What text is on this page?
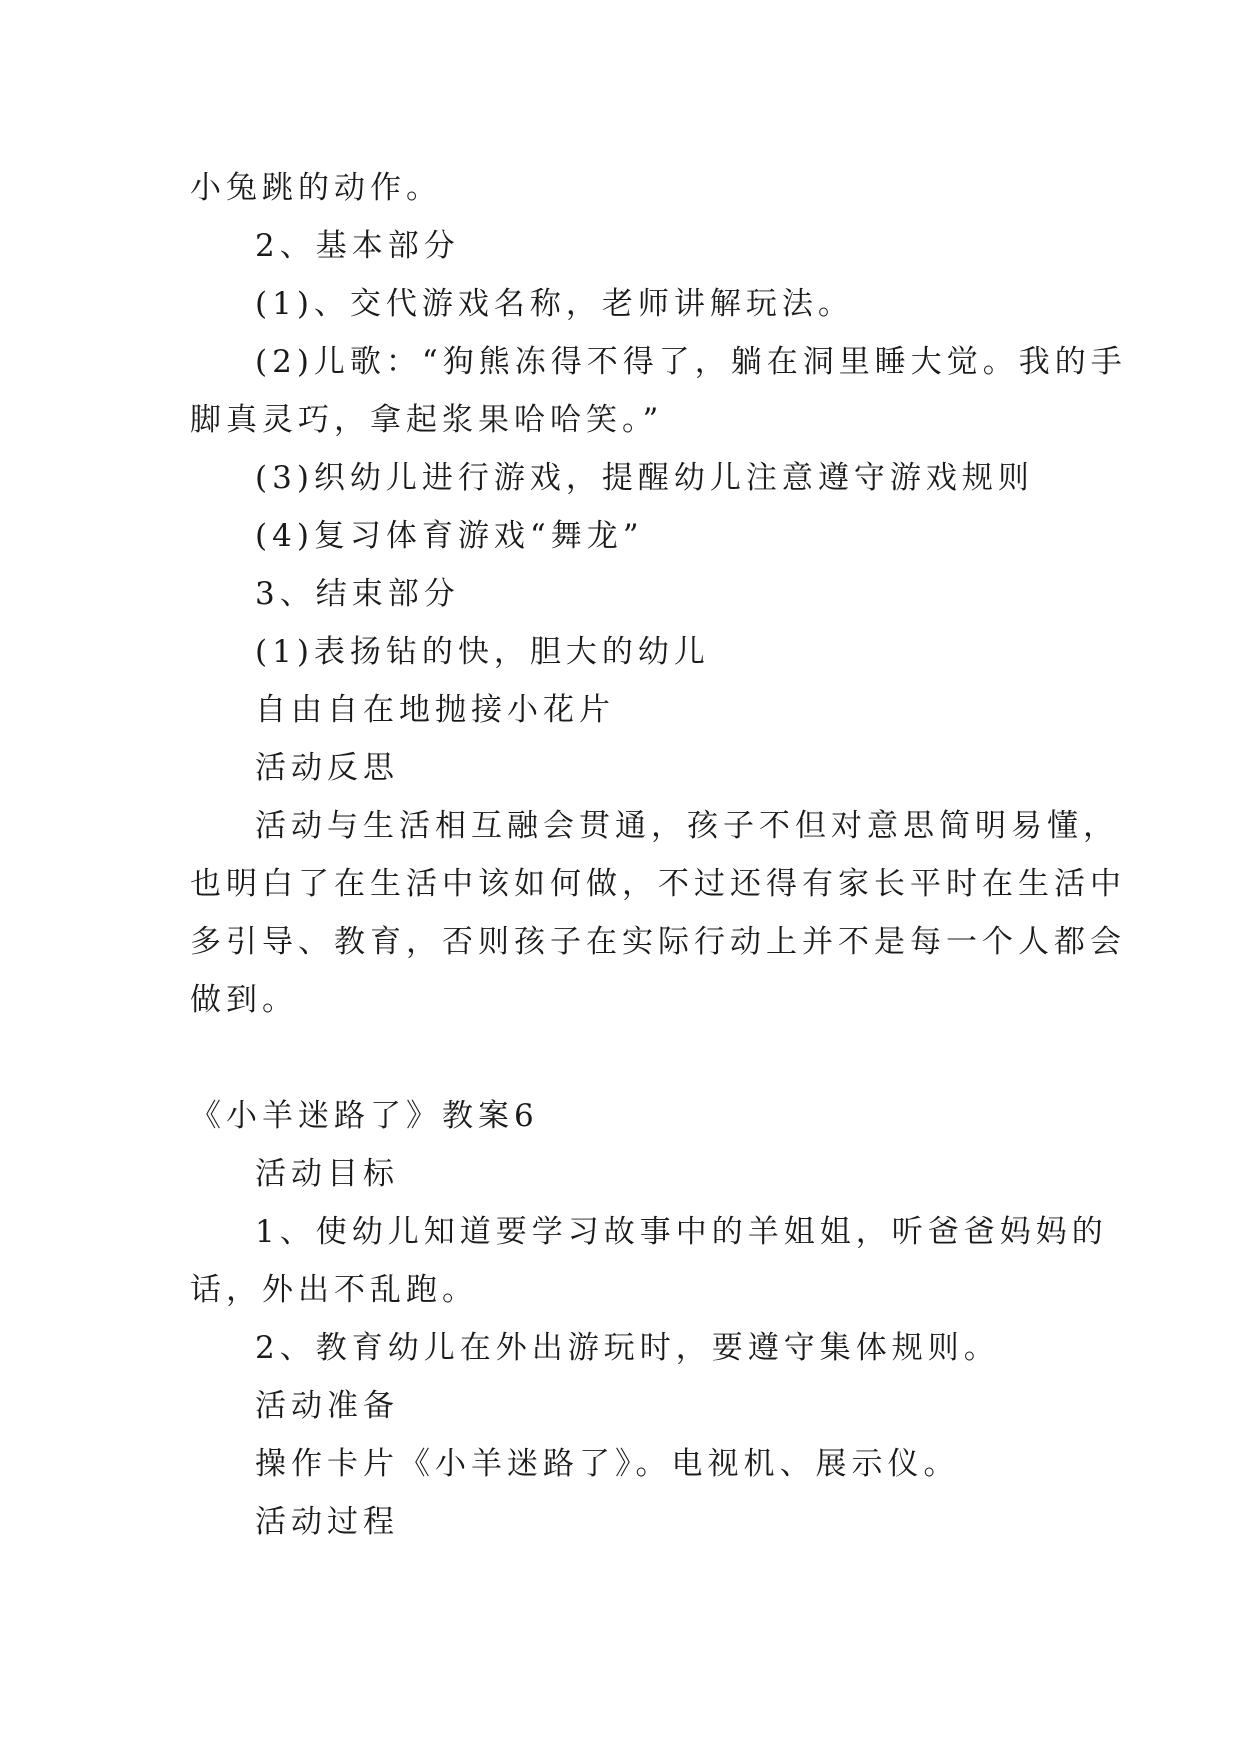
小兔跳的动作。
2、基本部分
(1)、交代游戏名称，老师讲解玩法。
(2)儿歌：“狗熊冻得不得了，躺在洞里睡大觉。我的手
脚真灵巧，拿起浆果哈哈笑。”
(3)织幼儿进行游戏，提醒幼儿注意遵守游戏规则
(4)复习体育游戏“舞龙”
3、结束部分
(1)表扬钻的快，胆大的幼儿
自由自在地抛接小花片
活动反思
活动与生活相互融会贯通，孩子不但对意思简明易懂，
也明白了在生活中该如何做，不过还得有家长平时在生活中
多引导、教育，否则孩子在实际行动上并不是每一个人都会
做到。
《小羊迷路了》教案6
活动目标
1、使幼儿知道要学习故事中的羊姐姐，听爸爸妈妈的
话，外出不乱跑。
2、教育幼儿在外出游玩时，要遵守集体规则。
活动准备
操作卡片《小羊迷路了》。电视机、展示仪。
活动过程
